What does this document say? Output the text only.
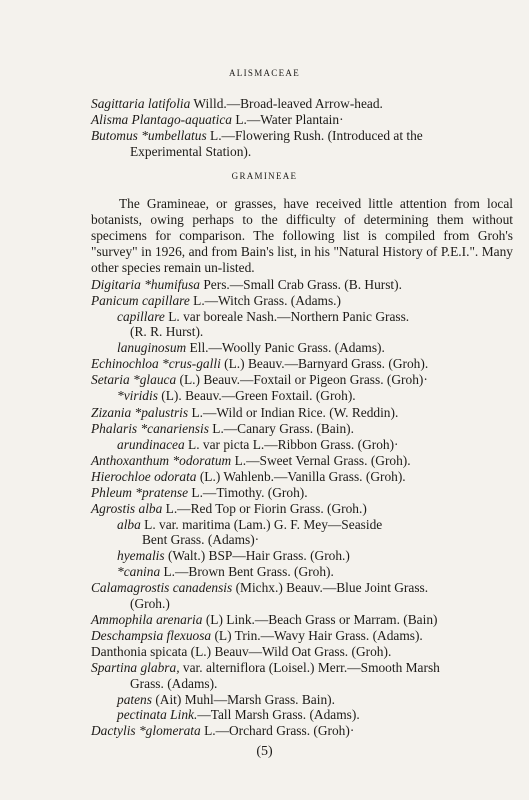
ALISMACEAE
Sagittaria latifolia Willd.—Broad-leaved Arrow-head.
Alisma Plantago-aquatica L.—Water Plantain·
Butomus *umbellatus L.—Flowering Rush. (Introduced at the
Experimental Station).
GRAMINEAE

The Gramineae, or grasses, have received little attention from local botanists, owing perhaps to the difficulty of determining them without specimens for comparison. The following list is compiled from Groh's "survey" in 1926, and from Bain's list, in his "Natural History of P.E.I.". Many other species remain un-listed.

Digitaria *humifusa Pers.—Small Crab Grass. (B. Hurst).
Panicum capillare L.—Witch Grass. (Adams.)
capillare L. var boreale Nash.—Northern Panic Grass.
(R. R. Hurst).
lanuginosum Ell.—Woolly Panic Grass. (Adams).
Echinochloa *crus-galli (L.) Beauv.—Barnyard Grass. (Groh).
Setaria *glauca (L.) Beauv.—Foxtail or Pigeon Grass. (Groh)·
*viridis (L). Beauv.—Green Foxtail. (Groh).
Zizania *palustris L.—Wild or Indian Rice. (W. Reddin).
Phalaris *canariensis L.—Canary Grass. (Bain).
arundinacea L. var picta L.—Ribbon Grass. (Groh)·
Anthoxanthum *odoratum L.—Sweet Vernal Grass. (Groh).
Hierochloe odorata (L.) Wahlenb.—Vanilla Grass. (Groh).
Phleum *pratense L.—Timothy. (Groh).
Agrostis alba L.—Red Top or Fiorin Grass. (Groh.)
alba L. var. maritima (Lam.) G. F. Mey—Seaside
Bent Grass. (Adams)·
hyemalis (Walt.) BSP—Hair Grass. (Groh.)
*canina L.—Brown Bent Grass. (Groh).
Calamagrostis canadensis (Michx.) Beauv.—Blue Joint Grass.
(Groh.)
Ammophila arenaria (L) Link.—Beach Grass or Marram. (Bain)
Deschampsia flexuosa (L) Trin.—Wavy Hair Grass. (Adams).
Danthonia spicata (L.) Beauv—Wild Oat Grass. (Groh).
Spartina glabra, var. alterniflora (Loisel.) Merr.—Smooth Marsh
Grass. (Adams).
patens (Ait) Muhl—Marsh Grass. Bain).
pectinata Link.—Tall Marsh Grass. (Adams).
Dactylis *glomerata L.—Orchard Grass. (Groh)·
(5)
